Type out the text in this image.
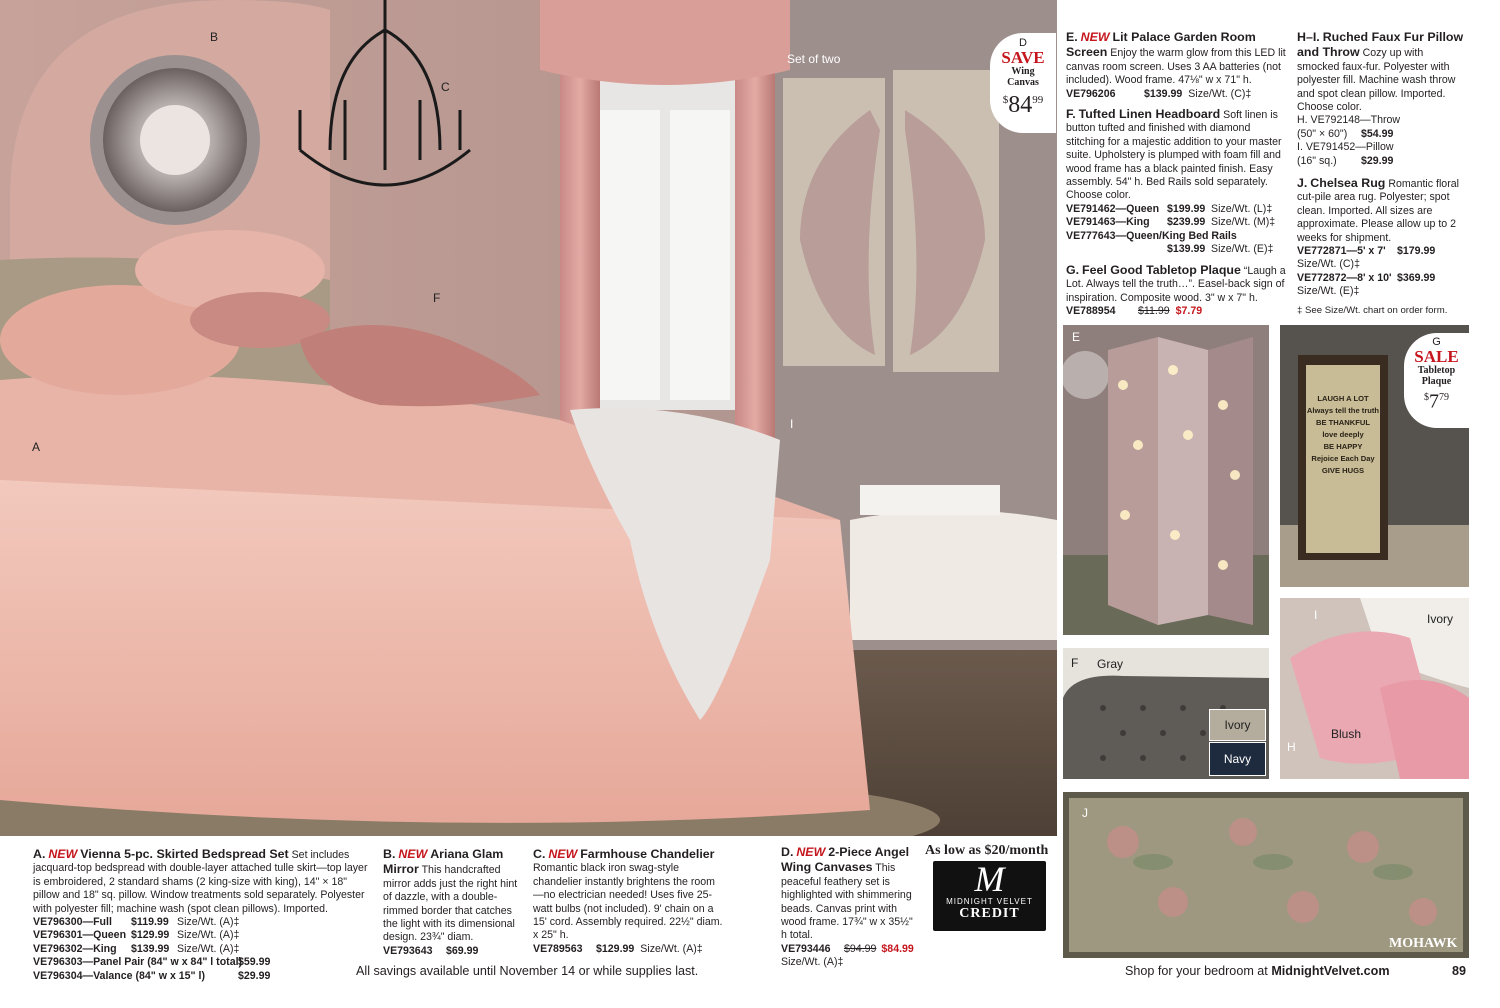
B
C
F
A
I
Set of two
D
SAVE
Wing
Canvas
$^{\$}84^{99}$
E. NEW Lit Palace Garden Room Screen Enjoy the warm glow from this LED lit canvas room screen. Uses 3 AA batteries (not included). Wood frame. 47⅛" w x 71" h.
VE796206	$139.99 Size/Wt. (C)‡
F. Tufted Linen Headboard Soft linen is button tufted and finished with diamond stitching for a majestic addition to your master suite. Upholstery is plumped with foam fill and wood frame has a black painted finish. Easy assembly. 54" h. Bed Rails sold separately. Choose color.
VE791462—Queen $199.99 Size/Wt. (L)‡
VE791463—King	$239.99 Size/Wt. (M)‡
VE777643—Queen/King Bed Rails
$139.99 Size/Wt. (E)‡
G. Feel Good Tabletop Plaque “Laugh a Lot. Always tell the truth…”. Easel-back sign of inspiration. Composite wood. 3" w x 7" h.
VE788954	$11.99 $7.79
H–I. Ruched Faux Fur Pillow and Throw Cozy up with smocked faux-fur. Polyester with polyester fill. Machine wash throw and spot clean pillow. Imported. Choose color.
H. VE792148—Throw
(50" × 60")	$54.99
I. VE791452—Pillow
(16" sq.)	$29.99
J. Chelsea Rug Romantic floral cut-pile area rug. Polyester; spot clean. Imported. All sizes are approximate. Please allow up to 2 weeks for shipment.
VE772871—5' x 7'	$179.99
Size/Wt. (C)‡
VE772872—8' x 10' $369.99
Size/Wt. (E)‡
‡ See Size/Wt. chart on order form.
E
LAUGH A LOT
Always tell the truth
BE THANKFUL
love deeply
BE HAPPY
Rejoice Each Day
GIVE HUGS
G
SALE
Tabletop
Plaque
$^{\$}7^{79}$
F Gray
Ivory
Navy
I	Ivory
Blush
H
J
MOHAWK
A. NEW Vienna 5-pc. Skirted Bedspread Set Set includes jacquard-top bedspread with double-layer attached tulle skirt—top layer is embroidered, 2 standard shams (2 king-size with king), 14" × 18" pillow and 18" sq. pillow. Window treatments sold separately. Polyester with polyester fill; machine wash (spot clean pillows). Imported.
VE796300—Full	$119.99 Size/Wt. (A)‡
VE796301—Queen $129.99 Size/Wt. (A)‡
VE796302—King	$139.99 Size/Wt. (A)‡
VE796303—Panel Pair (84" w x 84" l total)
$59.99
VE796304—Valance (84" w x 15" l)	$29.99
B. NEW Ariana Glam Mirror This handcrafted mirror adds just the right hint of dazzle, with a double-rimmed border that catches the light with its dimensional design. 23¾" diam.
VE793643	$69.99
C. NEW Farmhouse Chandelier
Romantic black iron swag-style chandelier instantly brightens the room—no electrician needed! Uses five 25-watt bulbs (not included). 9' chain on a 15' cord. Assembly required. 22½" diam. x 25" h.
VE789563	$129.99 Size/Wt. (A)‡
D. NEW 2-Piece Angel Wing Canvases This peaceful feathery set is highlighted with shimmering beads. Canvas print with wood frame. 17¾" w x 35½" h total.
VE793446	$94.99 $84.99
Size/Wt. (A)‡
As low as $20/month
M
MIDNIGHT VELVET
CREDIT
All savings available until November 14 or while supplies last.	Shop for your bedroom at MidnightVelvet.com	89
